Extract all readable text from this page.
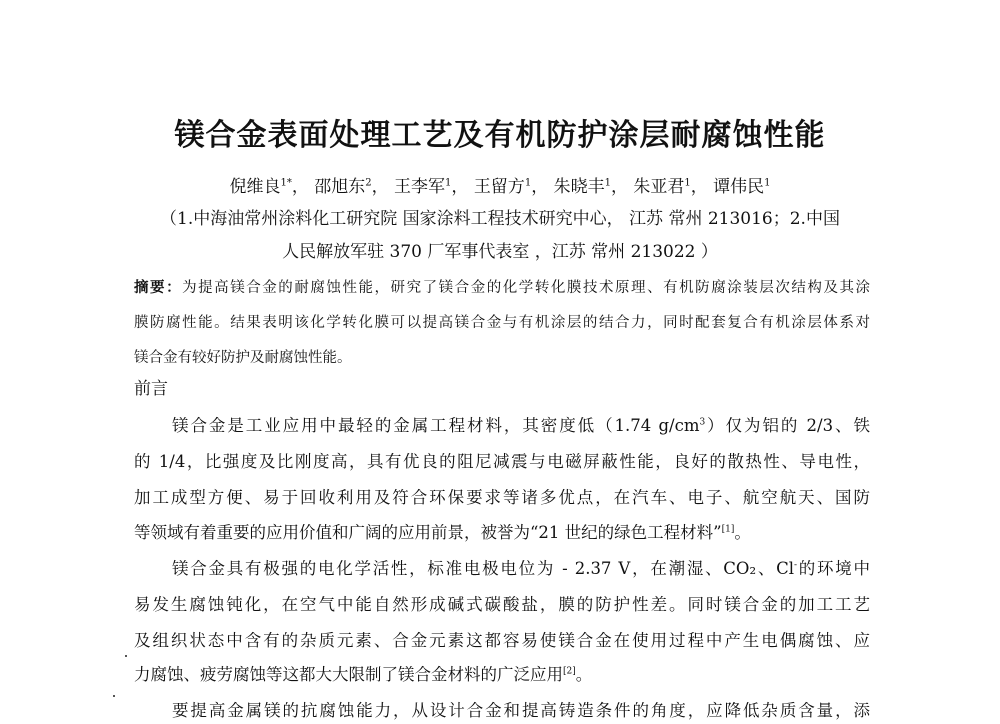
镁合金表面处理工艺及有机防护涂层耐腐蚀性能
倪维良$^{1*}$， 邵旭东$^2$， 王李军$^1$， 王留方$^1$， 朱晓丰$^1$， 朱亚君$^1$， 谭伟民$^1$
（1.中海油常州涂料化工研究院 国家涂料工程技术研究中心， 江苏 常州 213016；2.中国
人民解放军驻 370 厂军事代表室 ，江苏 常州 213022 ）
摘要：为提高镁合金的耐腐蚀性能，研究了镁合金的化学转化膜技术原理、有机防腐涂装层次结构及其涂
膜防腐性能。结果表明该化学转化膜可以提高镁合金与有机涂层的结合力，同时配套复合有机涂层体系对
镁合金有较好防护及耐腐蚀性能。
前言
镁合金是工业应用中最轻的金属工程材料，其密度低（1.74 $g/cm^3$）仅为铝的 2/3、铁
的 1/4，比强度及比刚度高，具有优良的阻尼减震与电磁屏蔽性能，良好的散热性、导电性，
加工成型方便、易于回收利用及符合环保要求等诸多优点，在汽车、电子、航空航天、国防
等领域有着重要的应用价值和广阔的应用前景，被誉为“21 世纪的绿色工程材料”[1]。
镁合金具有极强的电化学活性，标准电极电位为 - 2.37 V，在潮湿、CO₂、Cl-的环境中
易发生腐蚀钝化，在空气中能自然形成碱式碳酸盐，膜的防护性差。同时镁合金的加工工艺
及组织状态中含有的杂质元素、合金元素这都容易使镁合金在使用过程中产生电偶腐蚀、应
力腐蚀、疲劳腐蚀等这都大大限制了镁合金材料的广泛应用[2]。
要提高金属镁的抗腐蚀能力，从设计合金和提高铸造条件的角度，应降低杂质含量，添
